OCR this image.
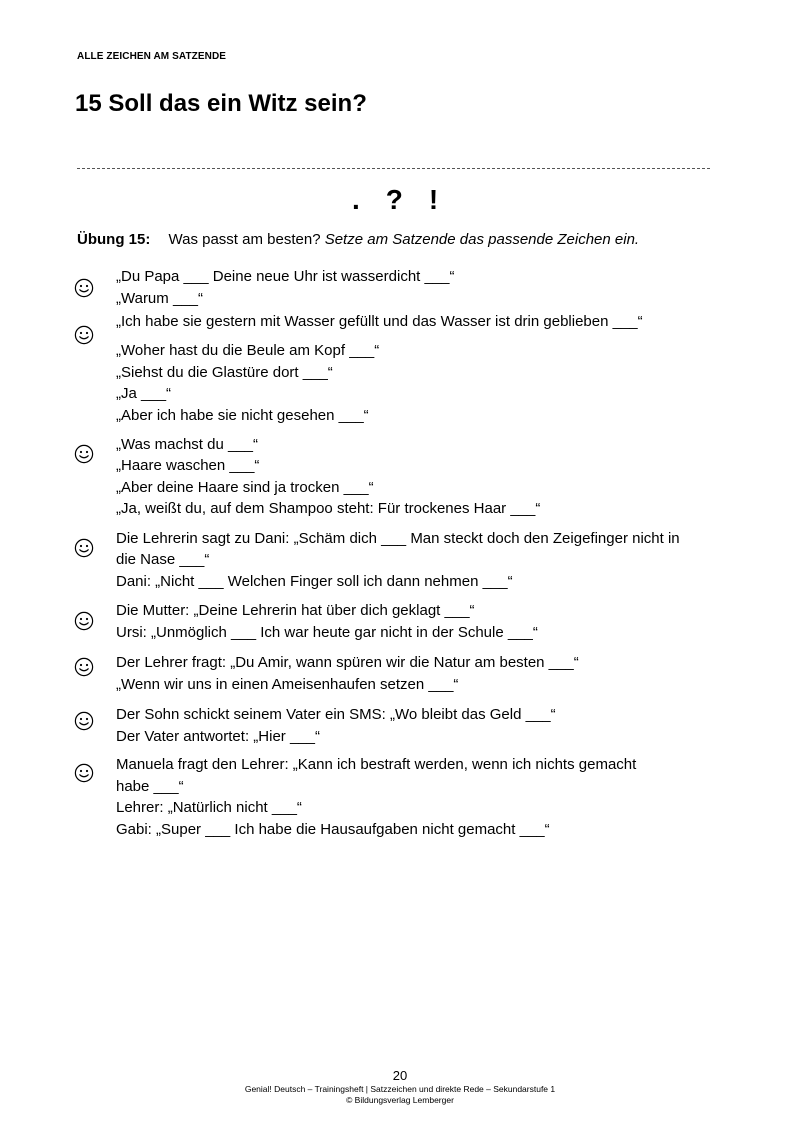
ALLE ZEICHEN AM SATZENDE
15 Soll das ein Witz sein?
. ? !
Übung 15: Was passt am besten? Setze am Satzende das passende Zeichen ein.
„Du Papa ___ Deine neue Uhr ist wasserdicht ___“
„Warum ___“
„Ich habe sie gestern mit Wasser gefüllt und das Wasser ist drin geblieben ___“
„Woher hast du die Beule am Kopf ___“
„Siehst du die Glastüre dort ___“
„Ja ___“
„Aber ich habe sie nicht gesehen ___“
„Was machst du ___“
„Haare waschen ___“
„Aber deine Haare sind ja trocken ___“
„Ja, weißt du, auf dem Shampoo steht: Für trockenes Haar ___“
Die Lehrerin sagt zu Dani: „Schäm dich ___ Man steckt doch den Zeigefinger nicht in
die Nase ___“
Dani: „Nicht ___ Welchen Finger soll ich dann nehmen ___“
Die Mutter: „Deine Lehrerin hat über dich geklagt ___“
Ursi: „Unmöglich ___ Ich war heute gar nicht in der Schule ___“
Der Lehrer fragt: „Du Amir, wann spüren wir die Natur am besten ___“
„Wenn wir uns in einen Ameisenhaufen setzen ___“
Der Sohn schickt seinem Vater ein SMS: „Wo bleibt das Geld ___“
Der Vater antwortet: „Hier ___“
Manuela fragt den Lehrer: „Kann ich bestraft werden, wenn ich nichts gemacht
habe ___“
Lehrer: „Natürlich nicht ___“
Gabi: „Super ___ Ich habe die Hausaufgaben nicht gemacht ___“
20
Genial! Deutsch – Trainingsheft | Satzzeichen und direkte Rede – Sekundarstufe 1
© Bildungsverlag Lemberger
